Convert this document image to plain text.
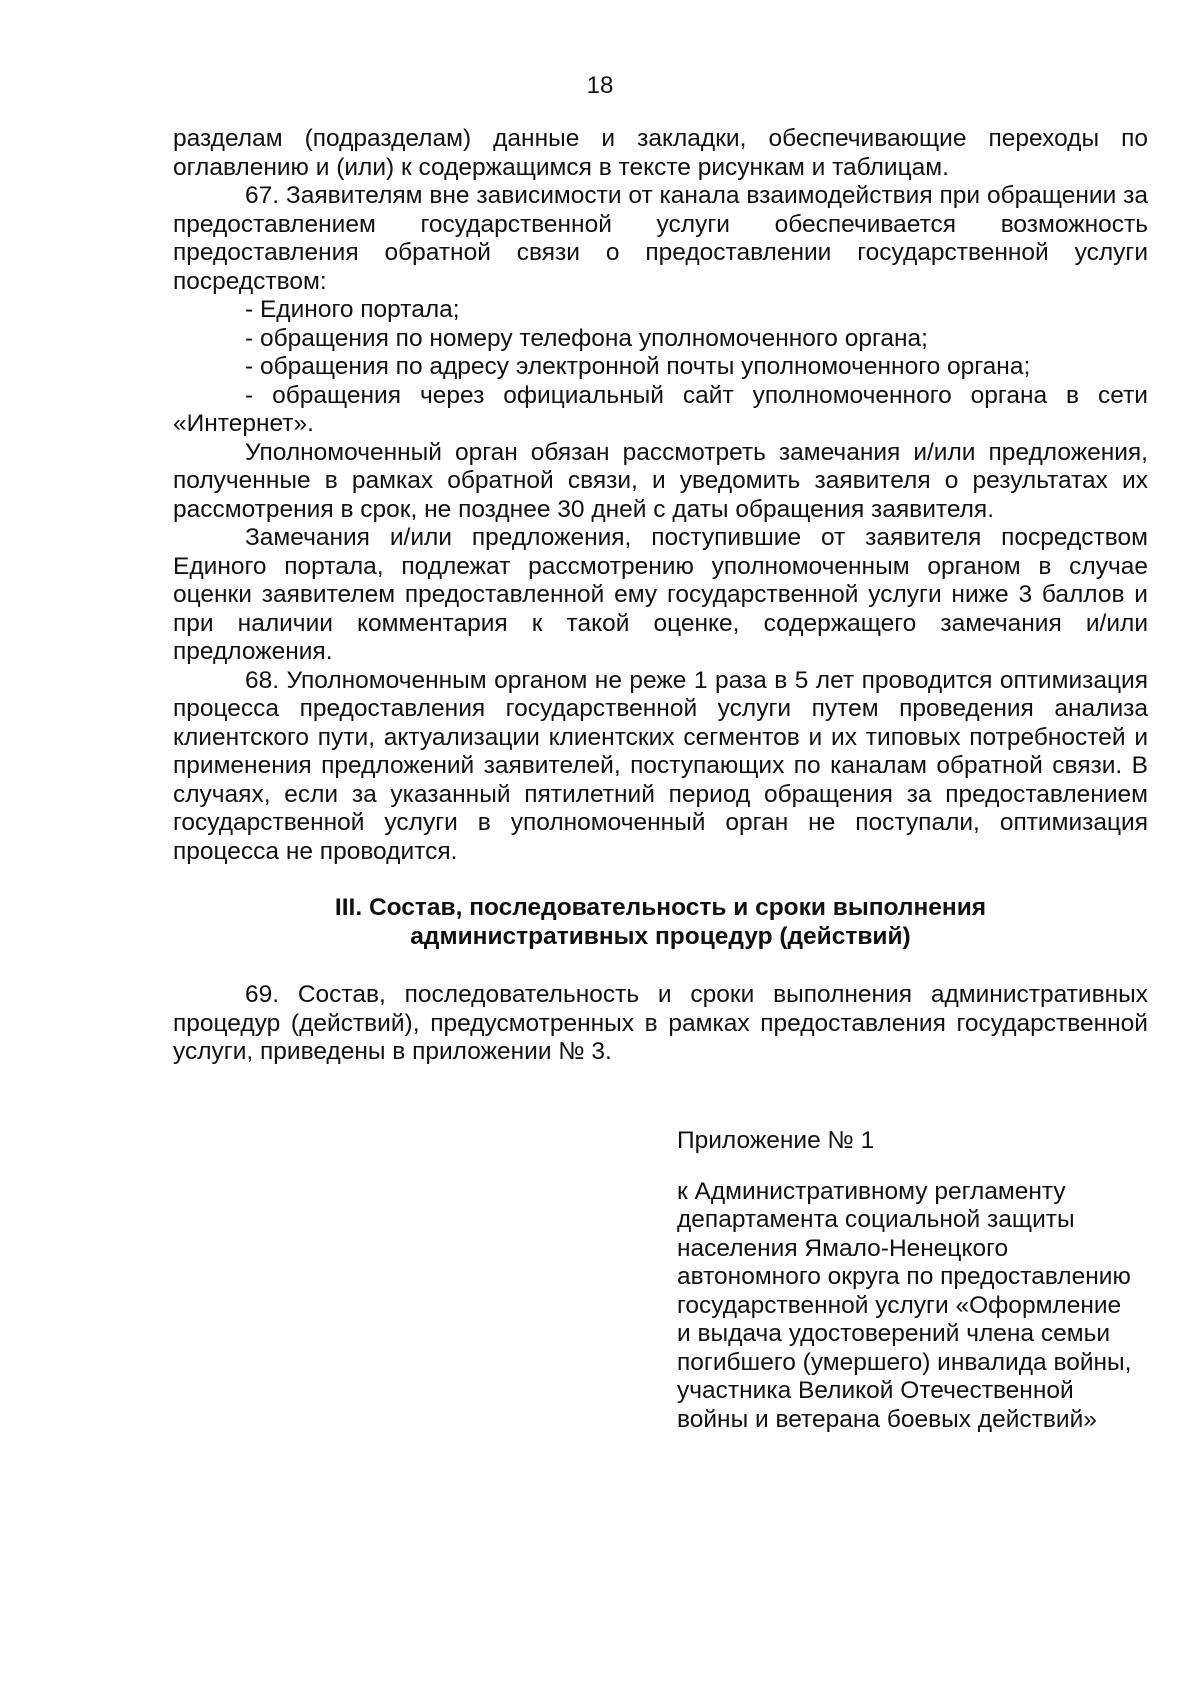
18

разделам (подразделам) данные и закладки, обеспечивающие переходы по оглавлению и (или) к содержащимся в тексте рисункам и таблицам.

67. Заявителям вне зависимости от канала взаимодействия при обращении за предоставлением государственной услуги обеспечивается возможность предоставления обратной связи о предоставлении государственной услуги посредством:

- Единого портала;

- обращения по номеру телефона уполномоченного органа;

- обращения по адресу электронной почты уполномоченного органа;

- обращения через официальный сайт уполномоченного органа в сети «Интернет».

Уполномоченный орган обязан рассмотреть замечания и/или предложения, полученные в рамках обратной связи, и уведомить заявителя о результатах их рассмотрения в срок, не позднее 30 дней с даты обращения заявителя.

Замечания и/или предложения, поступившие от заявителя посредством Единого портала, подлежат рассмотрению уполномоченным органом в случае оценки заявителем предоставленной ему государственной услуги ниже 3 баллов и при наличии комментария к такой оценке, содержащего замечания и/или предложения.

68. Уполномоченным органом не реже 1 раза в 5 лет проводится оптимизация процесса предоставления государственной услуги путем проведения анализа клиентского пути, актуализации клиентских сегментов и их типовых потребностей и применения предложений заявителей, поступающих по каналам обратной связи. В случаях, если за указанный пятилетний период обращения за предоставлением государственной услуги в уполномоченный орган не поступали, оптимизация процесса не проводится.

III. Состав, последовательность и сроки выполнения
административных процедур (действий)

69. Состав, последовательность и сроки выполнения административных процедур (действий), предусмотренных в рамках предоставления государственной услуги, приведены в приложении № 3.

Приложение № 1

к Административному регламенту департамента социальной защиты населения Ямало-Ненецкого автономного округа по предоставлению государственной услуги «Оформление и выдача удостоверений члена семьи погибшего (умершего) инвалида войны, участника Великой Отечественной войны и ветерана боевых действий»
